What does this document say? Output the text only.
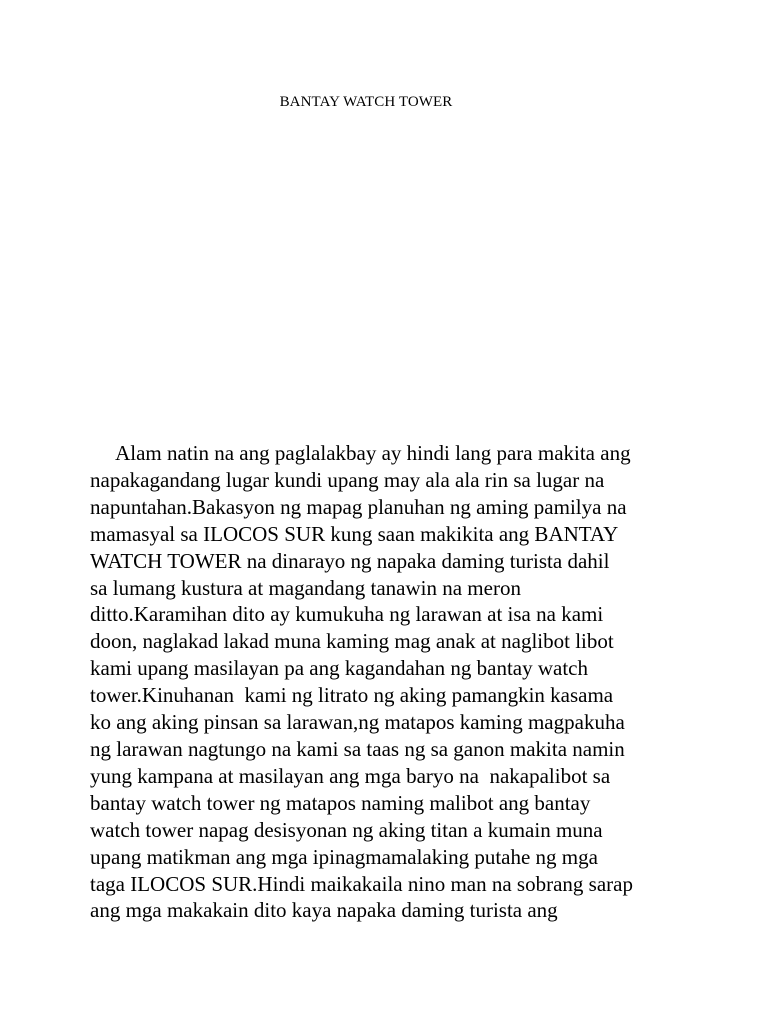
BANTAY WATCH TOWER
Alam natin na ang paglalakbay ay hindi lang para makita ang
napakagandang lugar kundi upang may ala ala rin sa lugar na
napuntahan.Bakasyon ng mapag planuhan ng aming pamilya na
mamasyal sa ILOCOS SUR kung saan makikita ang BANTAY
WATCH TOWER na dinarayo ng napaka daming turista dahil
sa lumang kustura at magandang tanawin na meron
ditto.Karamihan dito ay kumukuha ng larawan at isa na kami
doon, naglakad lakad muna kaming mag anak at naglibot libot
kami upang masilayan pa ang kagandahan ng bantay watch
tower.Kinuhanan  kami ng litrato ng aking pamangkin kasama
ko ang aking pinsan sa larawan,ng matapos kaming magpakuha
ng larawan nagtungo na kami sa taas ng sa ganon makita namin
yung kampana at masilayan ang mga baryo na  nakapalibot sa
bantay watch tower ng matapos naming malibot ang bantay
watch tower napag desisyonan ng aking titan a kumain muna
upang matikman ang mga ipinagmamalaking putahe ng mga
taga ILOCOS SUR.Hindi maikakaila nino man na sobrang sarap
ang mga makakain dito kaya napaka daming turista ang
